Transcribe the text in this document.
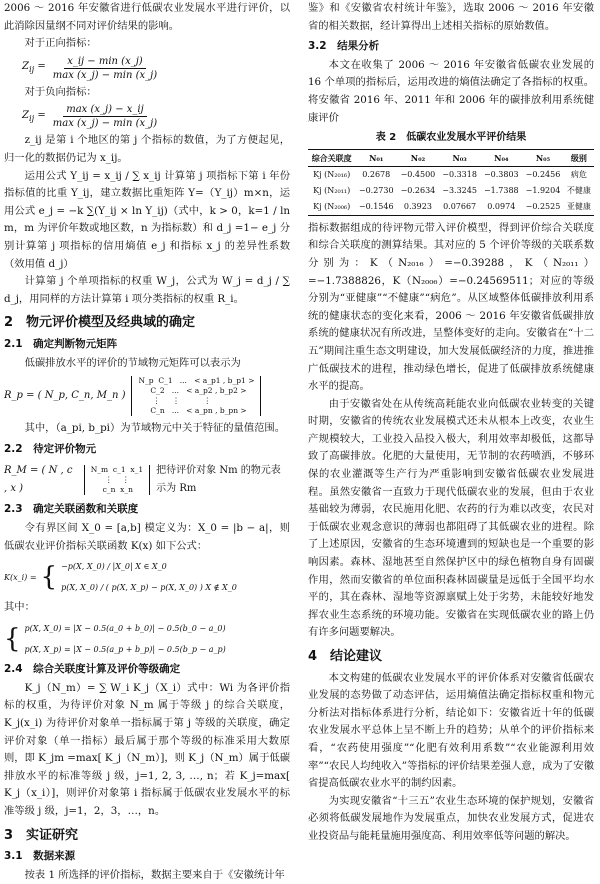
2006 ～ 2016 年安徽省进行低碳农业发展水平进行评价，以此消除因量纲不同对评价结果的影响。

对于正向指标：

$Z_{ij} = \frac{x\_ij - \min (x\_j)}{\max (x\_j) - \min (x\_j)}$

对于负向指标：

$Z_{ij} = \frac{\max (x\_j) - x\_ij}{\max (x\_j) - \min (x\_j)}$

z_ij 是第 i 个地区的第 j 个指标的数值，为了方便起见，归一化的数据仍记为 x_ij。

运用公式 Y_ij = x_ij / ∑ x_ij 计算第 j 项指标下第 i 年份指标值的比重 Y_ij，建立数据比重矩阵 Y=（Y_ij）m×n，运用公式 e_j = −k ∑(Y_ij × ln Y_ij)（式中，k > 0，k=1 / ln m，m 为评价年数或地区数，n 为指标数）和 d_j =1− e_j 分别计算第 j 项指标的信用熵值 e_j 和指标 x_j 的差异性系数（效用值 d_j）

计算第 j 个单项指标的权重 W_j，公式为 W_j = d_j / ∑ d_j，用同样的方法计算第 i 项分类指标的权重 R_i。

2　物元评价模型及经典域的确定
2.1　确定判断物元矩阵

低碳排放水平的评价的节域物元矩阵可以表示为

R_p = ( N_p, C_n, M_n )
N_p  C_1   ...   < a_p1 , b_p1 >
C_2   ...   < a_p2 , b_p2 >
⋮     ⋮          ⋮
C_n   ...   < a_pn , b_pn >

其中，（a_pi, b_pi）为节域物元中关于特征的量值范围。

2.2　待定评价物元
R_M = ( N , c , x )
N_m  c_1  x_1
⋮    ⋮
c_n  x_n
把待评价对象 Nm 的物元表示为 Rm
2.3　确定关联函数和关联度

令有界区间 X_0 = [a,b] 模定义为：X_0 = |b − a|，则低碳农业评价指标关联函数 K(x) 如下公式：

K(x_i) = { −p(X, X_0) / |X_0| X ∈ X_0
p(X, X_0) / ( p(X, X_p) − p(X, X_0) ) X ∉ X_0

其中：

{ p(X, X_0) = |X − 0.5(a_0 + b_0)| − 0.5(b_0 − a_0)
p(X, X_p) = |X − 0.5(a_p + b_p)| − 0.5(b_p − a_p)
2.4　综合关联度计算及评价等级确定

K_j（N_m）= ∑ W_i K_j（X_i）式中：Wi 为各评价指标的权重，为待评价对象 N_m 属于等级 j 的综合关联度，K_j(x_i) 为待评价对象单一指标属于第 j 等级的关联度，确定评价对象（单一指标）最后属于那个等级的标准采用大数原则，即 K_jm =max[ K_j（N_m）]，则 K_j（N_m）属于低碳排放水平的标准等级 j 级，j=1, 2, 3, …, n；若 K_j=max[ K_j（x_i）]，则评价对象第 i 指标属于低碳农业发展水平的标准等级 j 级，j=1，2，3，…，n。

3　实证研究
3.1　数据来源

按表 1 所选择的评价指标，数据主要来自于《安徽统计年

鉴》和《安徽省农村统计年鉴》，选取 2006 ～ 2016 年安徽省的相关数据，经计算得出上述相关指标的原始数值。

3.2　结果分析

本文在收集了 2006 ～ 2016 年安徽省低碳农业发展的 16 个单项的指标后，运用改进的熵值法确定了各指标的权重。将安徽省 2016 年、2011 年和 2006 年的碳排放利用系统健康评价

表 2　低碳农业发展水平评价结果
综合关联度	N₀₁	N₀₂	N₀₃	N₀₄	N₀₅	级别
Kj (N₂₀₁₆)	0.2678	−0.4500	−0.3318	−0.3803	−0.2456	病危
Kj (N₂₀₁₁)	−0.2730	−0.2634	−3.3245	−1.7388	−1.9204	不健康
Kj (N₂₀₀₆)	−0.1546	0.3923	0.07667	0.0974	−0.2525	亚健康

指标数据组成的待评物元带入评价模型，得到评价综合关联度和综合关联度的测算结果。其对应的 5 个评价等级的关联系数分别为：K（N₂₀₁₆）=−0.39288，K（N₂₀₁₁）=−1.7388826，K（N₂₀₀₆）=−0.24569511；对应的等级分别为“亚健康”“不健康”“病危”。从区域整体低碳排放利用系统的健康状态的变化来看，2006 ～ 2016 年安徽省低碳排放系统的健康状况有所改进，呈整体变好的走向。安徽省在“十二五”期间注重生态文明建设，加大发展低碳经济的力度，推进推广低碳技术的进程，推动绿色增长，促进了低碳排放系统健康水平的提高。

由于安徽省处在从传统高耗能农业向低碳农业转变的关键时期，安徽省的传统农业发展模式还未从根本上改变，农业生产规模较大，工业投入品投入极大，利用效率却极低，这都导致了高碳排放。化肥的大量使用，无节制的农药喷洒，不够环保的农业灌溉等生产行为严重影响到安徽省低碳农业发展进程。虽然安徽省一直致力于现代低碳农业的发展，但由于农业基础较为薄弱，农民施用化肥、农药的行为难以改变，农民对于低碳农业观念意识的薄弱也都阻碍了其低碳农业的进程。除了上述原因，安徽省的生态环境遭到的短缺也是一个重要的影响因素。森林、湿地甚至自然保护区中的绿色植物自身有固碳作用，然而安徽省的单位面积森林固碳量是远低于全国平均水平的，其在森林、湿地等资源禀赋上处于劣势，未能较好地发挥农业生态系统的环境功能。安徽省在实现低碳农业的路上仍有许多问题要解决。

4　结论建议

本文构建的低碳农业发展水平的评价体系对安徽省低碳农业发展的态势做了动态评估，运用熵值法确定指标权重和物元分析法对指标体系进行分析，结论如下：安徽省近十年的低碳农业发展水平总体上呈不断上升的趋势；从单个的评价指标来看，“农药使用强度”“化肥有效利用系数”“农业能源利用效率”“农民人均纯收入”等指标的评价结果差强人意，成为了安徽省提高低碳农业水平的制约因素。

为实现安徽省“十三五”农业生态环境的保护规划，安徽省必须将低碳发展地作为发展重点，加快农业发展方式，促进农业投资品与能耗量施用强度高、利用效率低等问题的解决。
